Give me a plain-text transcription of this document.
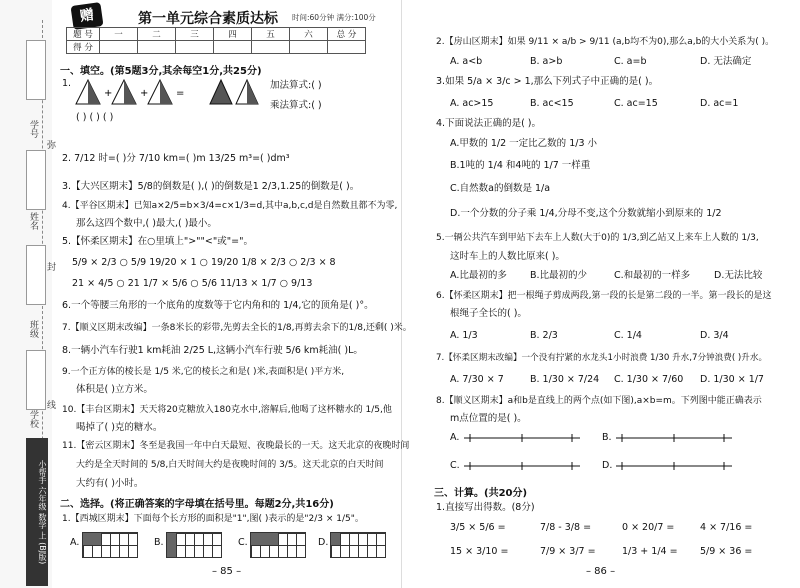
学号
姓名
班级
学校
弥
封
线
小帮手 六年级 数学 上 (BJ版)
赠	第一单元综合素质达标 时间:60分钟 满分:100分
题 号	一	二	三	四	五	六	总 分
得 分							
一、填空。(第5题3分,其余每空1分,共25分)
1.
+	+	=
加法算式:( )
乘法算式:( )
( ) ( ) ( )
2. 7/12 时=( )分 7/10 km=( )m 13/25 m³=( )dm³
3.【大兴区期末】5/8的倒数是( ),( )的倒数是1 2/3,1.25的倒数是( )。
4.【平谷区期末】已知a×2/5=b×3/4=c×1/3=d,其中a,b,c,d是自然数且都不为零,
那么这四个数中,( )最大,( )最小。
5.【怀柔区期末】在○里填上">""<"或"="。
5/9 × 2/3 ○ 5/9 19/20 × 1 ○ 19/20 1/8 × 2/3 ○ 2/3 × 8
21 × 4/5 ○ 21 1/7 × 5/6 ○ 5/6 11/13 × 1/7 ○ 9/13
6.一个等腰三角形的一个底角的度数等于它内角和的 1/4,它的顶角是( )°。
7.【顺义区期末改编】一条8米长的彩带,先剪去全长的1/8,再剪去余下的1/8,还剩( )米。
8.一辆小汽车行驶1 km耗油 2/25 L,这辆小汽车行驶 5/6 km耗油( )L。
9.一个正方体的棱长是 1/5 米,它的棱长之和是( )米,表面积是( )平方米,
体积是( )立方米。
10.【丰台区期末】天天将20克糖放入180克水中,溶解后,他喝了这杯糖水的 1/5,他
喝掉了( )克的糖水。
11.【密云区期末】冬至是我国一年中白天最短、夜晚最长的一天。这天北京的夜晚时间
大约是全天时间的 5/8,白天时间大约是夜晚时间的 3/5。这天北京的白天时间
大约有( )小时。
二、选择。(将正确答案的字母填在括号里。每题2分,共16分)
1.【西城区期末】下面每个长方形的面积是"1",图( )表示的是"2/3 × 1/5"。
A.	B.	C.	D.
– 85 –
2.【房山区期末】如果 9/11 × a/b > 9/11 (a,b均不为0),那么a,b的大小关系为( )。
A. a<b	B. a>b	C. a=b	D. 无法确定
3.如果 5/a × 3/c > 1,那么下列式子中正确的是( )。
A. ac>15	B. ac<15	C. ac=15	D. ac=1
4.下面说法正确的是( )。
A.甲数的 1/2 一定比乙数的 1/3 小
B.1吨的 1/4 和4吨的 1/7 一样重
C.自然数a的倒数是 1/a
D.一个分数的分子乘 1/4,分母不变,这个分数就缩小到原来的 1/2
5.一辆公共汽车到甲站下去车上人数(大于0)的 1/3,到乙站又上来车上人数的 1/3,
这时车上的人数比原来( )。
A.比最初的多 B.比最初的少	C.和最初的一样多	D.无法比较
6.【怀柔区期末】把一根绳子剪成两段,第一段的长是第二段的一半。第一段长的是这
根绳子全长的( )。
A. 1/3	B. 2/3	C. 1/4	D. 3/4
7.【怀柔区期末改编】一个没有拧紧的水龙头1小时浪费 1/30 升水,7分钟浪费( )升水。
A. 7/30 × 7	B. 1/30 × 7/24 C. 1/30 × 7/60 D. 1/30 × 1/7
8.【顺义区期末】a和b是直线上的两个点(如下图),a×b=m。下列图中能正确表示
m点位置的是( )。
A.	B.
C.	D.
三、计算。(共20分)
1.直接写出得数。(8分)
3/5 × 5/6 =	7/8 - 3/8 =	0 × 20/7 =	4 × 7/16 =
15 × 3/10 =	7/9 × 3/7 =	1/3 + 1/4 = 5/9 × 36 =
– 86 –
